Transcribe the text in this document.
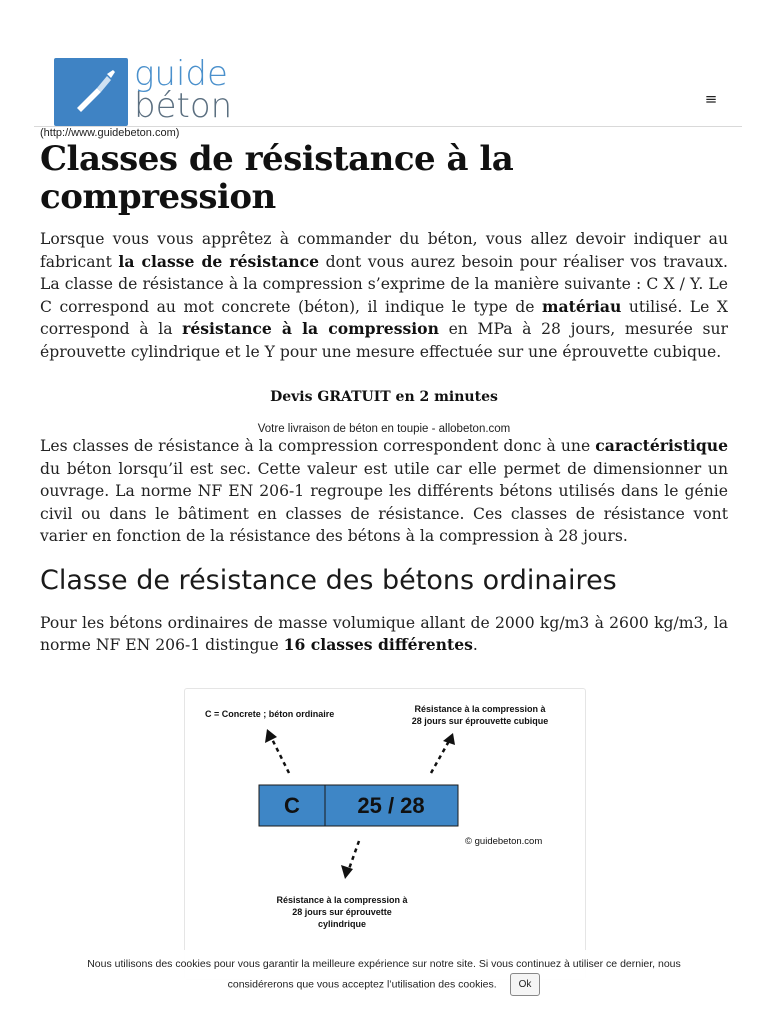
guide
béton	≡
(http://www.guidebeton.com)
Classes de résistance à la compression

Lorsque vous vous apprêtez à commander du béton, vous allez devoir indiquer au fabricant la classe de résistance dont vous aurez besoin pour réaliser vos travaux. La classe de résistance à la compression s’exprime de la manière suivante : C X / Y. Le C correspond au mot concrete (béton), il indique le type de matériau utilisé. Le X correspond à la résistance à la compression en MPa à 28 jours, mesurée sur éprouvette cylindrique et le Y pour une mesure effectuée sur une éprouvette cubique.

Devis GRATUIT en 2 minutes
Votre livraison de béton en toupie - allobeton.com

Les classes de résistance à la compression correspondent donc à une caractéristique du béton lorsqu’il est sec. Cette valeur est utile car elle permet de dimensionner un ouvrage. La norme NF EN 206-1 regroupe les différents bétons utilisés dans le génie civil ou dans le bâtiment en classes de résistance. Ces classes de résistance vont varier en fonction de la résistance des bétons à la compression à 28 jours.

Classe de résistance des bétons ordinaires

Pour les bétons ordinaires de masse volumique allant de 2000 kg/m3 à 2600 kg/m3, la norme NF EN 206-1 distingue 16 classes différentes.

C = Concrete ; béton ordinaire	Résistance à la compression à
28 jours sur éprouvette cubique
C	25 / 28
© guidebeton.com
Résistance à la compression à
28 jours sur éprouvette
cylindrique
Nous utilisons des cookies pour vous garantir la meilleure expérience sur notre site. Si vous continuez à utiliser ce dernier, nous
considérerons que vous acceptez l’utilisation des cookies. Ok
